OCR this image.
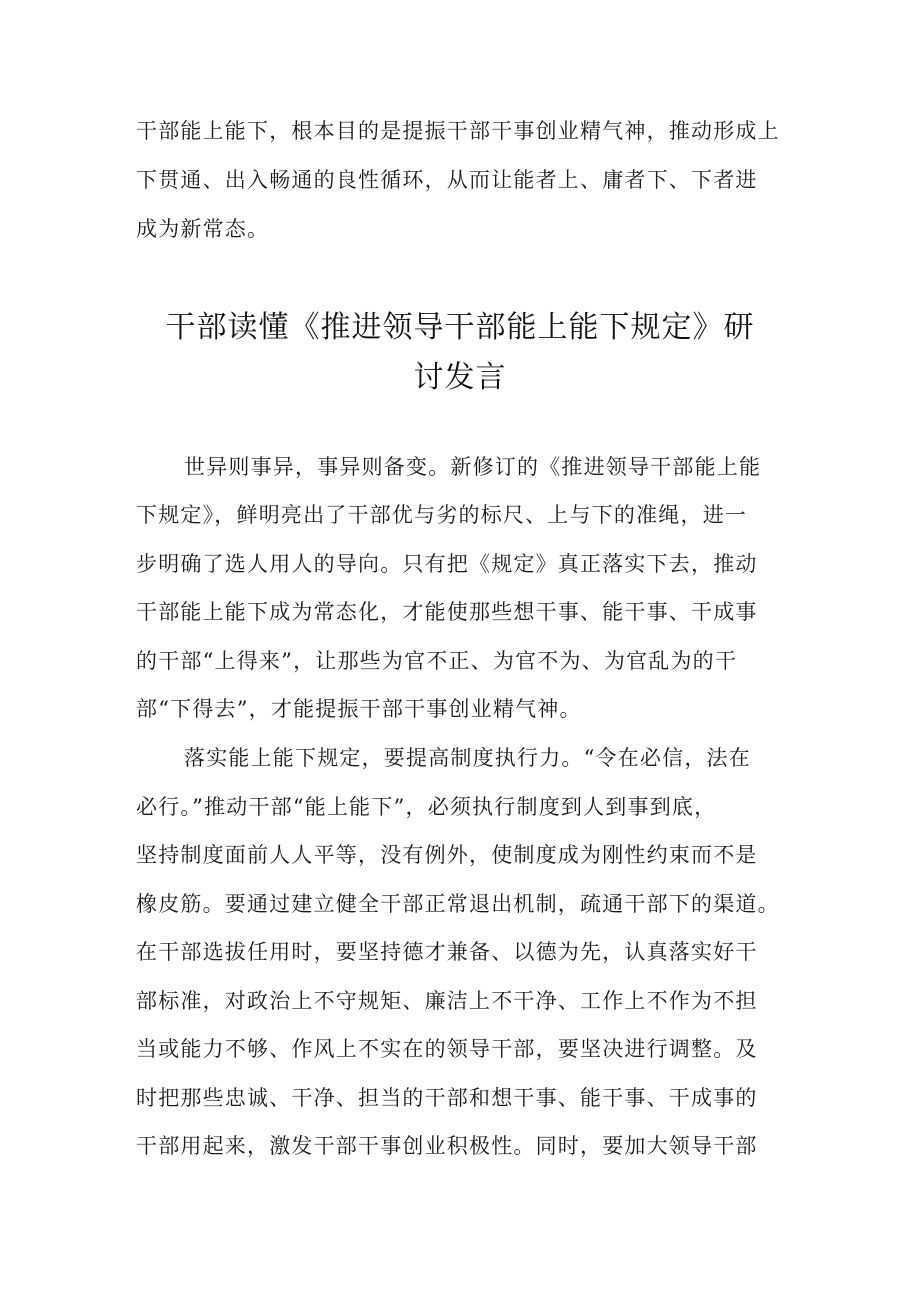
干部能上能下，根本目的是提振干部干事创业精气神，推动形成上
下贯通、出入畅通的良性循环，从而让能者上、庸者下、下者进
成为新常态。
干部读懂《推进领导干部能上能下规定》研
讨发言
世异则事异，事异则备变。新修订的《推进领导干部能上能
下规定》，鲜明亮出了干部优与劣的标尺、上与下的准绳，进一
步明确了选人用人的导向。只有把《规定》真正落实下去，推动
干部能上能下成为常态化，才能使那些想干事、能干事、干成事
的干部“上得来”，让那些为官不正、为官不为、为官乱为的干
部“下得去”，才能提振干部干事创业精气神。
落实能上能下规定，要提高制度执行力。“令在必信，法在
必行。”推动干部“能上能下”，必须执行制度到人到事到底，
坚持制度面前人人平等，没有例外，使制度成为刚性约束而不是
橡皮筋。要通过建立健全干部正常退出机制，疏通干部下的渠道。
在干部选拔任用时，要坚持德才兼备、以德为先，认真落实好干
部标准，对政治上不守规矩、廉洁上不干净、工作上不作为不担
当或能力不够、作风上不实在的领导干部，要坚决进行调整。及
时把那些忠诚、干净、担当的干部和想干事、能干事、干成事的
干部用起来，激发干部干事创业积极性。同时，要加大领导干部
